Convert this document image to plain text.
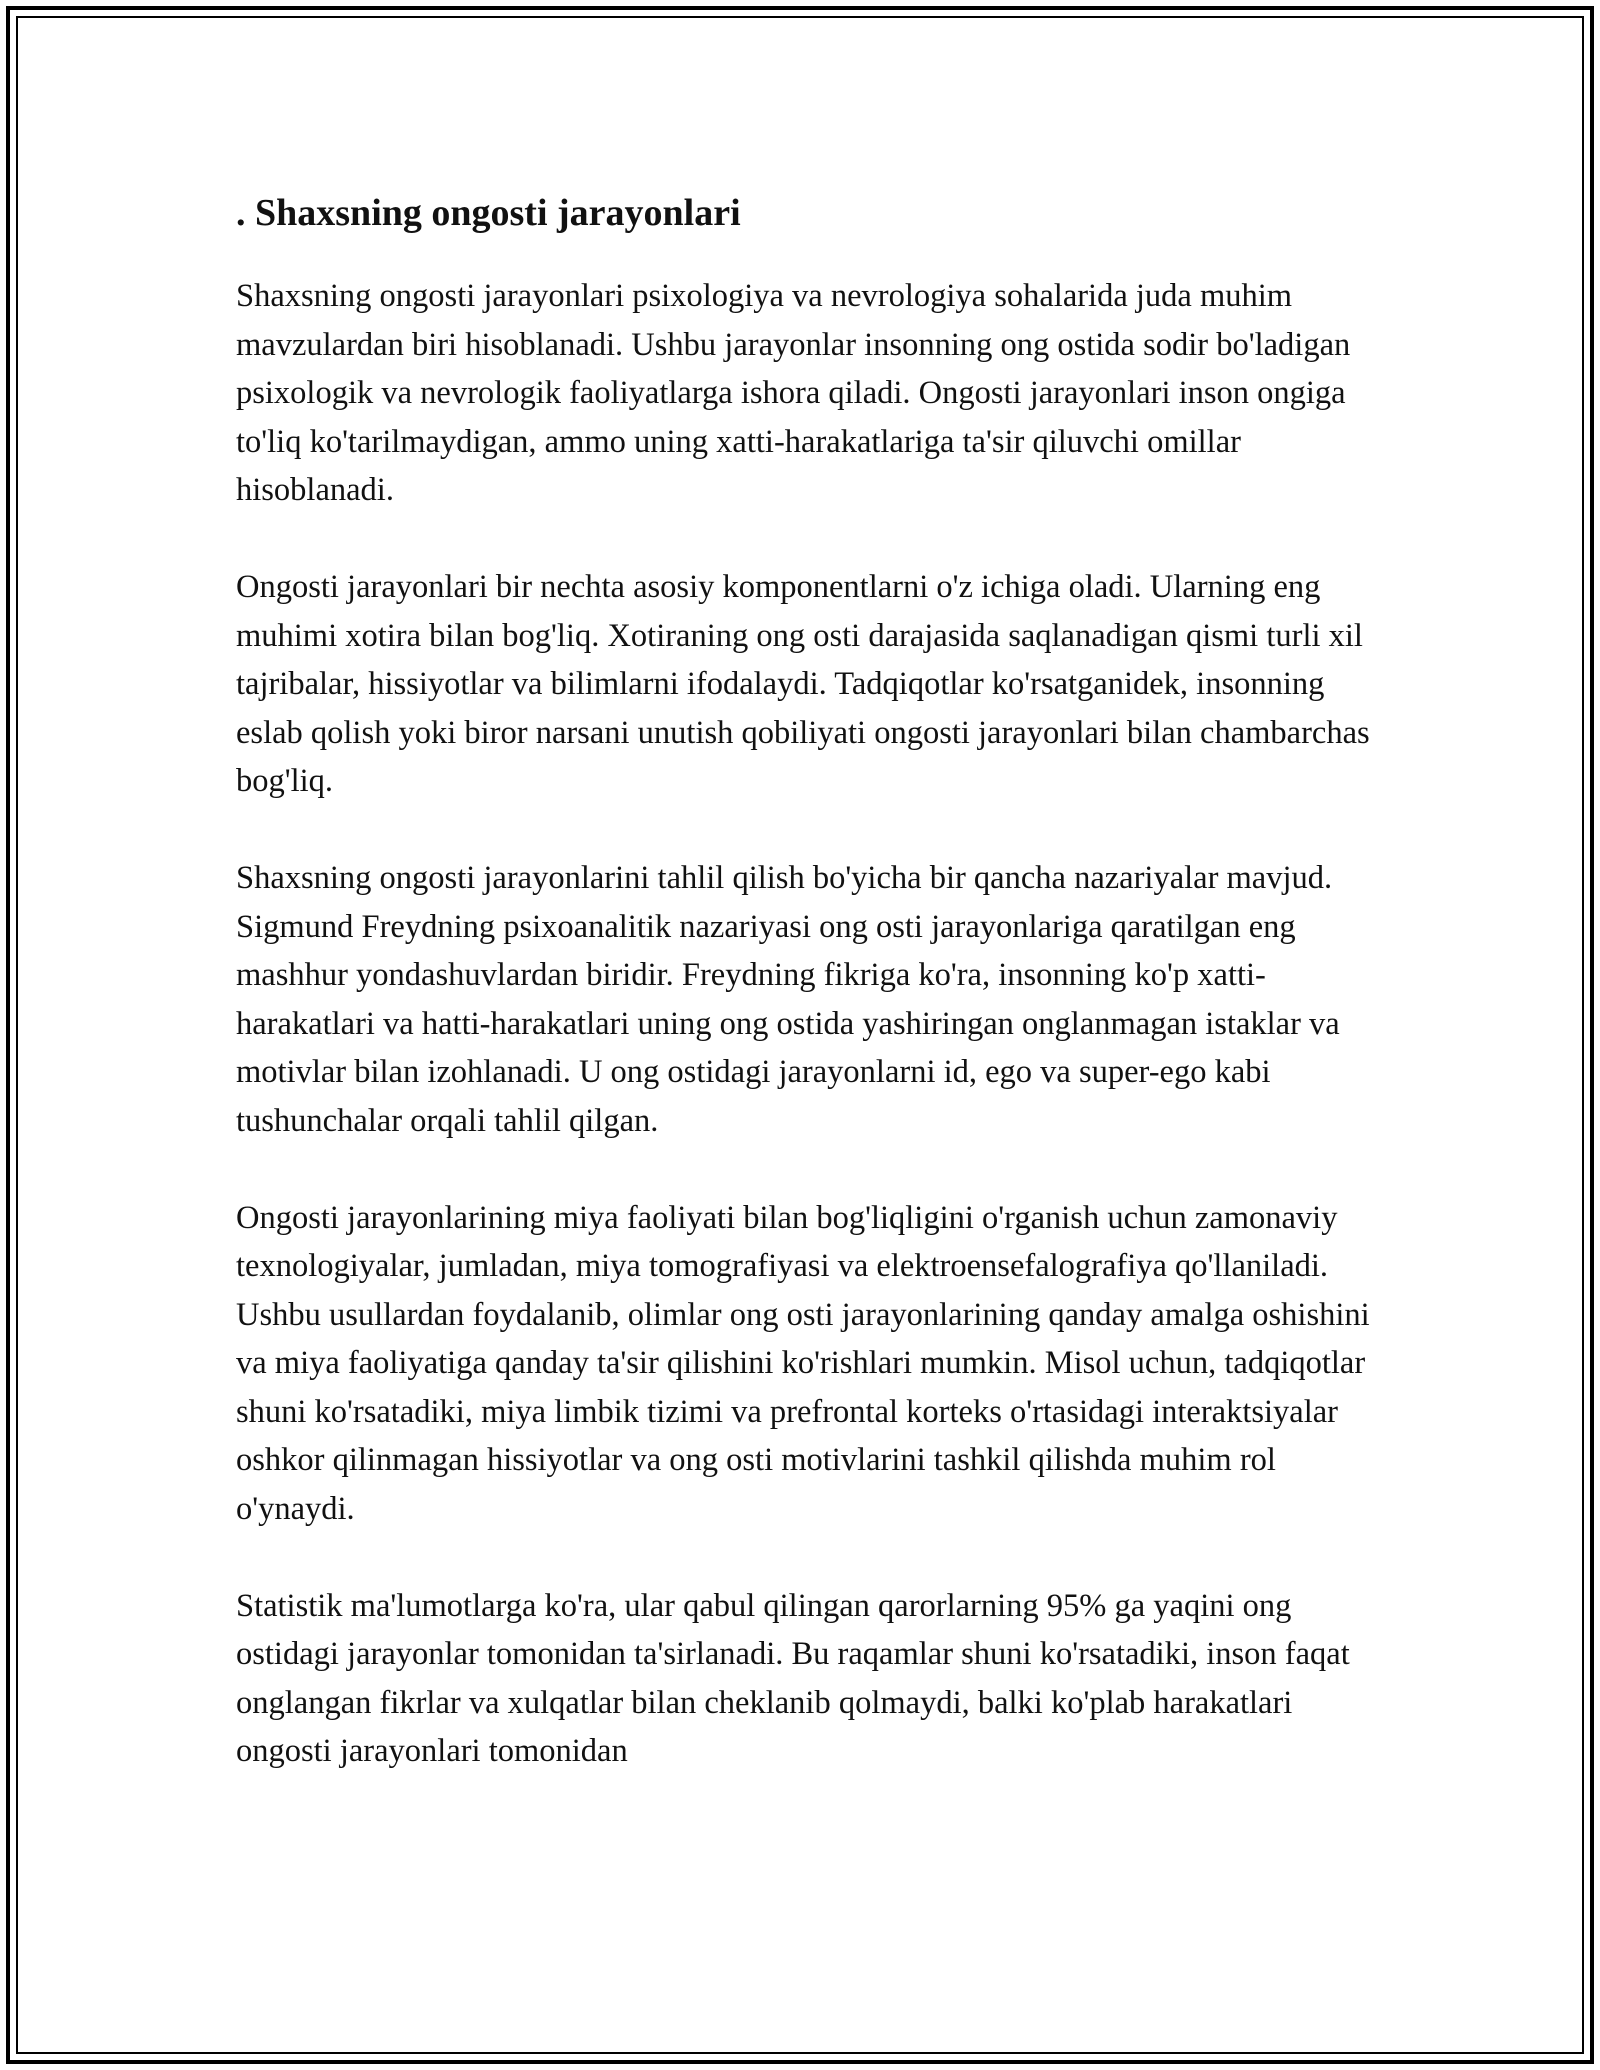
. Shaxsning ongosti jarayonlari

Shaxsning ongosti jarayonlari psixologiya va nevrologiya sohalarida juda muhim mavzulardan biri hisoblanadi. Ushbu jarayonlar insonning ong ostida sodir bo'ladigan psixologik va nevrologik faoliyatlarga ishora qiladi. Ongosti jarayonlari inson ongiga to'liq ko'tarilmaydigan, ammo uning xatti-harakatlariga ta'sir qiluvchi omillar hisoblanadi.

Ongosti jarayonlari bir nechta asosiy komponentlarni o'z ichiga oladi. Ularning eng muhimi xotira bilan bog'liq. Xotiraning ong osti darajasida saqlanadigan qismi turli xil tajribalar, hissiyotlar va bilimlarni ifodalaydi. Tadqiqotlar ko'rsatganidek, insonning eslab qolish yoki biror narsani unutish qobiliyati ongosti jarayonlari bilan chambarchas bog'liq.

Shaxsning ongosti jarayonlarini tahlil qilish bo'yicha bir qancha nazariyalar mavjud. Sigmund Freydning psixoanalitik nazariyasi ong osti jarayonlariga qaratilgan eng mashhur yondashuvlardan biridir. Freydning fikriga ko'ra, insonning ko'p xatti-harakatlari va hatti-harakatlari uning ong ostida yashiringan onglanmagan istaklar va motivlar bilan izohlanadi. U ong ostidagi jarayonlarni id, ego va super-ego kabi tushunchalar orqali tahlil qilgan.

Ongosti jarayonlarining miya faoliyati bilan bog'liqligini o'rganish uchun zamonaviy texnologiyalar, jumladan, miya tomografiyasi va elektroensefalografiya qo'llaniladi. Ushbu usullardan foydalanib, olimlar ong osti jarayonlarining qanday amalga oshishini va miya faoliyatiga qanday ta'sir qilishini ko'rishlari mumkin. Misol uchun, tadqiqotlar shuni ko'rsatadiki, miya limbik tizimi va prefrontal korteks o'rtasidagi interaktsiyalar oshkor qilinmagan hissiyotlar va ong osti motivlarini tashkil qilishda muhim rol o'ynaydi.

Statistik ma'lumotlarga ko'ra, ular qabul qilingan qarorlarning 95% ga yaqini ong ostidagi jarayonlar tomonidan ta'sirlanadi. Bu raqamlar shuni ko'rsatadiki, inson faqat onglangan fikrlar va xulqatlar bilan cheklanib qolmaydi, balki ko'plab harakatlari ongosti jarayonlari tomonidan
